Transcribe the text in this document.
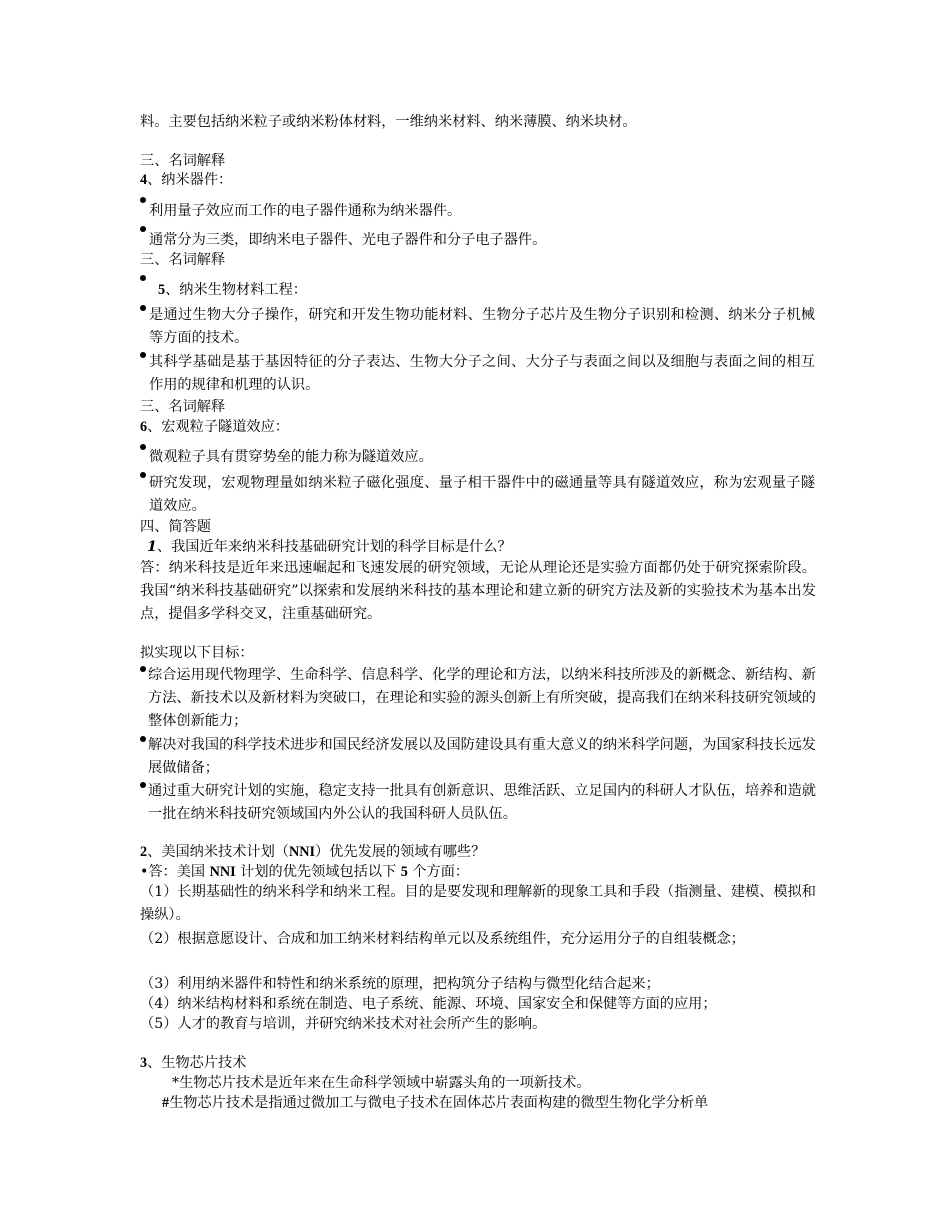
料。主要包括纳米粒子或纳米粉体材料，一维纳米材料、纳米薄膜、纳米块材。
三、名词解释
4、纳米器件：
利用量子效应而工作的电子器件通称为纳米器件。
通常分为三类，即纳米电子器件、光电子器件和分子电子器件。
三、名词解释
5、纳米生物材料工程：
是通过生物大分子操作，研究和开发生物功能材料、生物分子芯片及生物分子识别和检测、纳米分子机械等方面的技术。
其科学基础是基于基因特征的分子表达、生物大分子之间、大分子与表面之间以及细胞与表面之间的相互作用的规律和机理的认识。
三、名词解释
6、宏观粒子隧道效应：
微观粒子具有贯穿势垒的能力称为隧道效应。
研究发现，宏观物理量如纳米粒子磁化强度、量子相干器件中的磁通量等具有隧道效应，称为宏观量子隧道效应。
四、简答题
1、我国近年来纳米科技基础研究计划的科学目标是什么？
答：纳米科技是近年来迅速崛起和飞速发展的研究领域，无论从理论还是实验方面都仍处于研究探索阶段。我国“纳米科技基础研究”以探索和发展纳米科技的基本理论和建立新的研究方法及新的实验技术为基本出发点，提倡多学科交叉，注重基础研究。
拟实现以下目标：
综合运用现代物理学、生命科学、信息科学、化学的理论和方法，以纳米科技所涉及的新概念、新结构、新方法、新技术以及新材料为突破口，在理论和实验的源头创新上有所突破，提高我们在纳米科技研究领域的整体创新能力；
解决对我国的科学技术进步和国民经济发展以及国防建设具有重大意义的纳米科学问题，为国家科技长远发展做储备；
通过重大研究计划的实施，稳定支持一批具有创新意识、思维活跃、立足国内的科研人才队伍，培养和造就一批在纳米科技研究领域国内外公认的我国科研人员队伍。
2、美国纳米技术计划（NNI）优先发展的领域有哪些？
•答：美国 NNI 计划的优先领域包括以下 5 个方面：
（1）长期基础性的纳米科学和纳米工程。目的是要发现和理解新的现象工具和手段（指测量、建模、模拟和操纵）。
（2）根据意愿设计、合成和加工纳米材料结构单元以及系统组件，充分运用分子的自组装概念；
（3）利用纳米器件和特性和纳米系统的原理，把构筑分子结构与微型化结合起来；
（4）纳米结构材料和系统在制造、电子系统、能源、环境、国家安全和保健等方面的应用；
（5）人才的教育与培训，并研究纳米技术对社会所产生的影响。
3、生物芯片技术
*生物芯片技术是近年来在生命科学领域中崭露头角的一项新技术。
#生物芯片技术是指通过微加工与微电子技术在固体芯片表面构建的微型生物化学分析单
